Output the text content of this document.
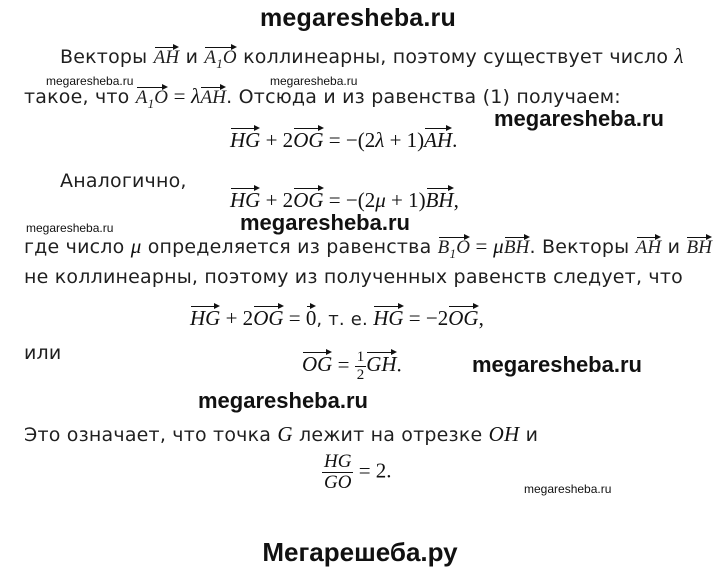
megaresheba.ru
megaresheba.ru
megaresheba.ru
megaresheba.ru
megaresheba.ru
megaresheba.ru	megaresheba.ru
megaresheba.ru
megaresheba.ru
Векторы AH и $A_1O$ коллинеарны, поэтому существует число λ
такое, что $A_1O = \lambda AH$. Отсюда и из равенства (1) получаем:
HG + 2OG = −(2λ + 1)AH.
Аналогично,
HG + 2OG = −(2μ + 1)BH,
где число μ определяется из равенства $B_1O = \mu BH$. Векторы AH и BH
не коллинеарны, поэтому из полученных равенств следует, что
HG + 2OG = 0, т. е. HG = −2OG,
или	OG = $\frac{1}{2}$ GH.
Это означает, что точка G лежит на отрезке OH и
$\frac{HG}{GO} = 2$.
Мегарешеба.ру
